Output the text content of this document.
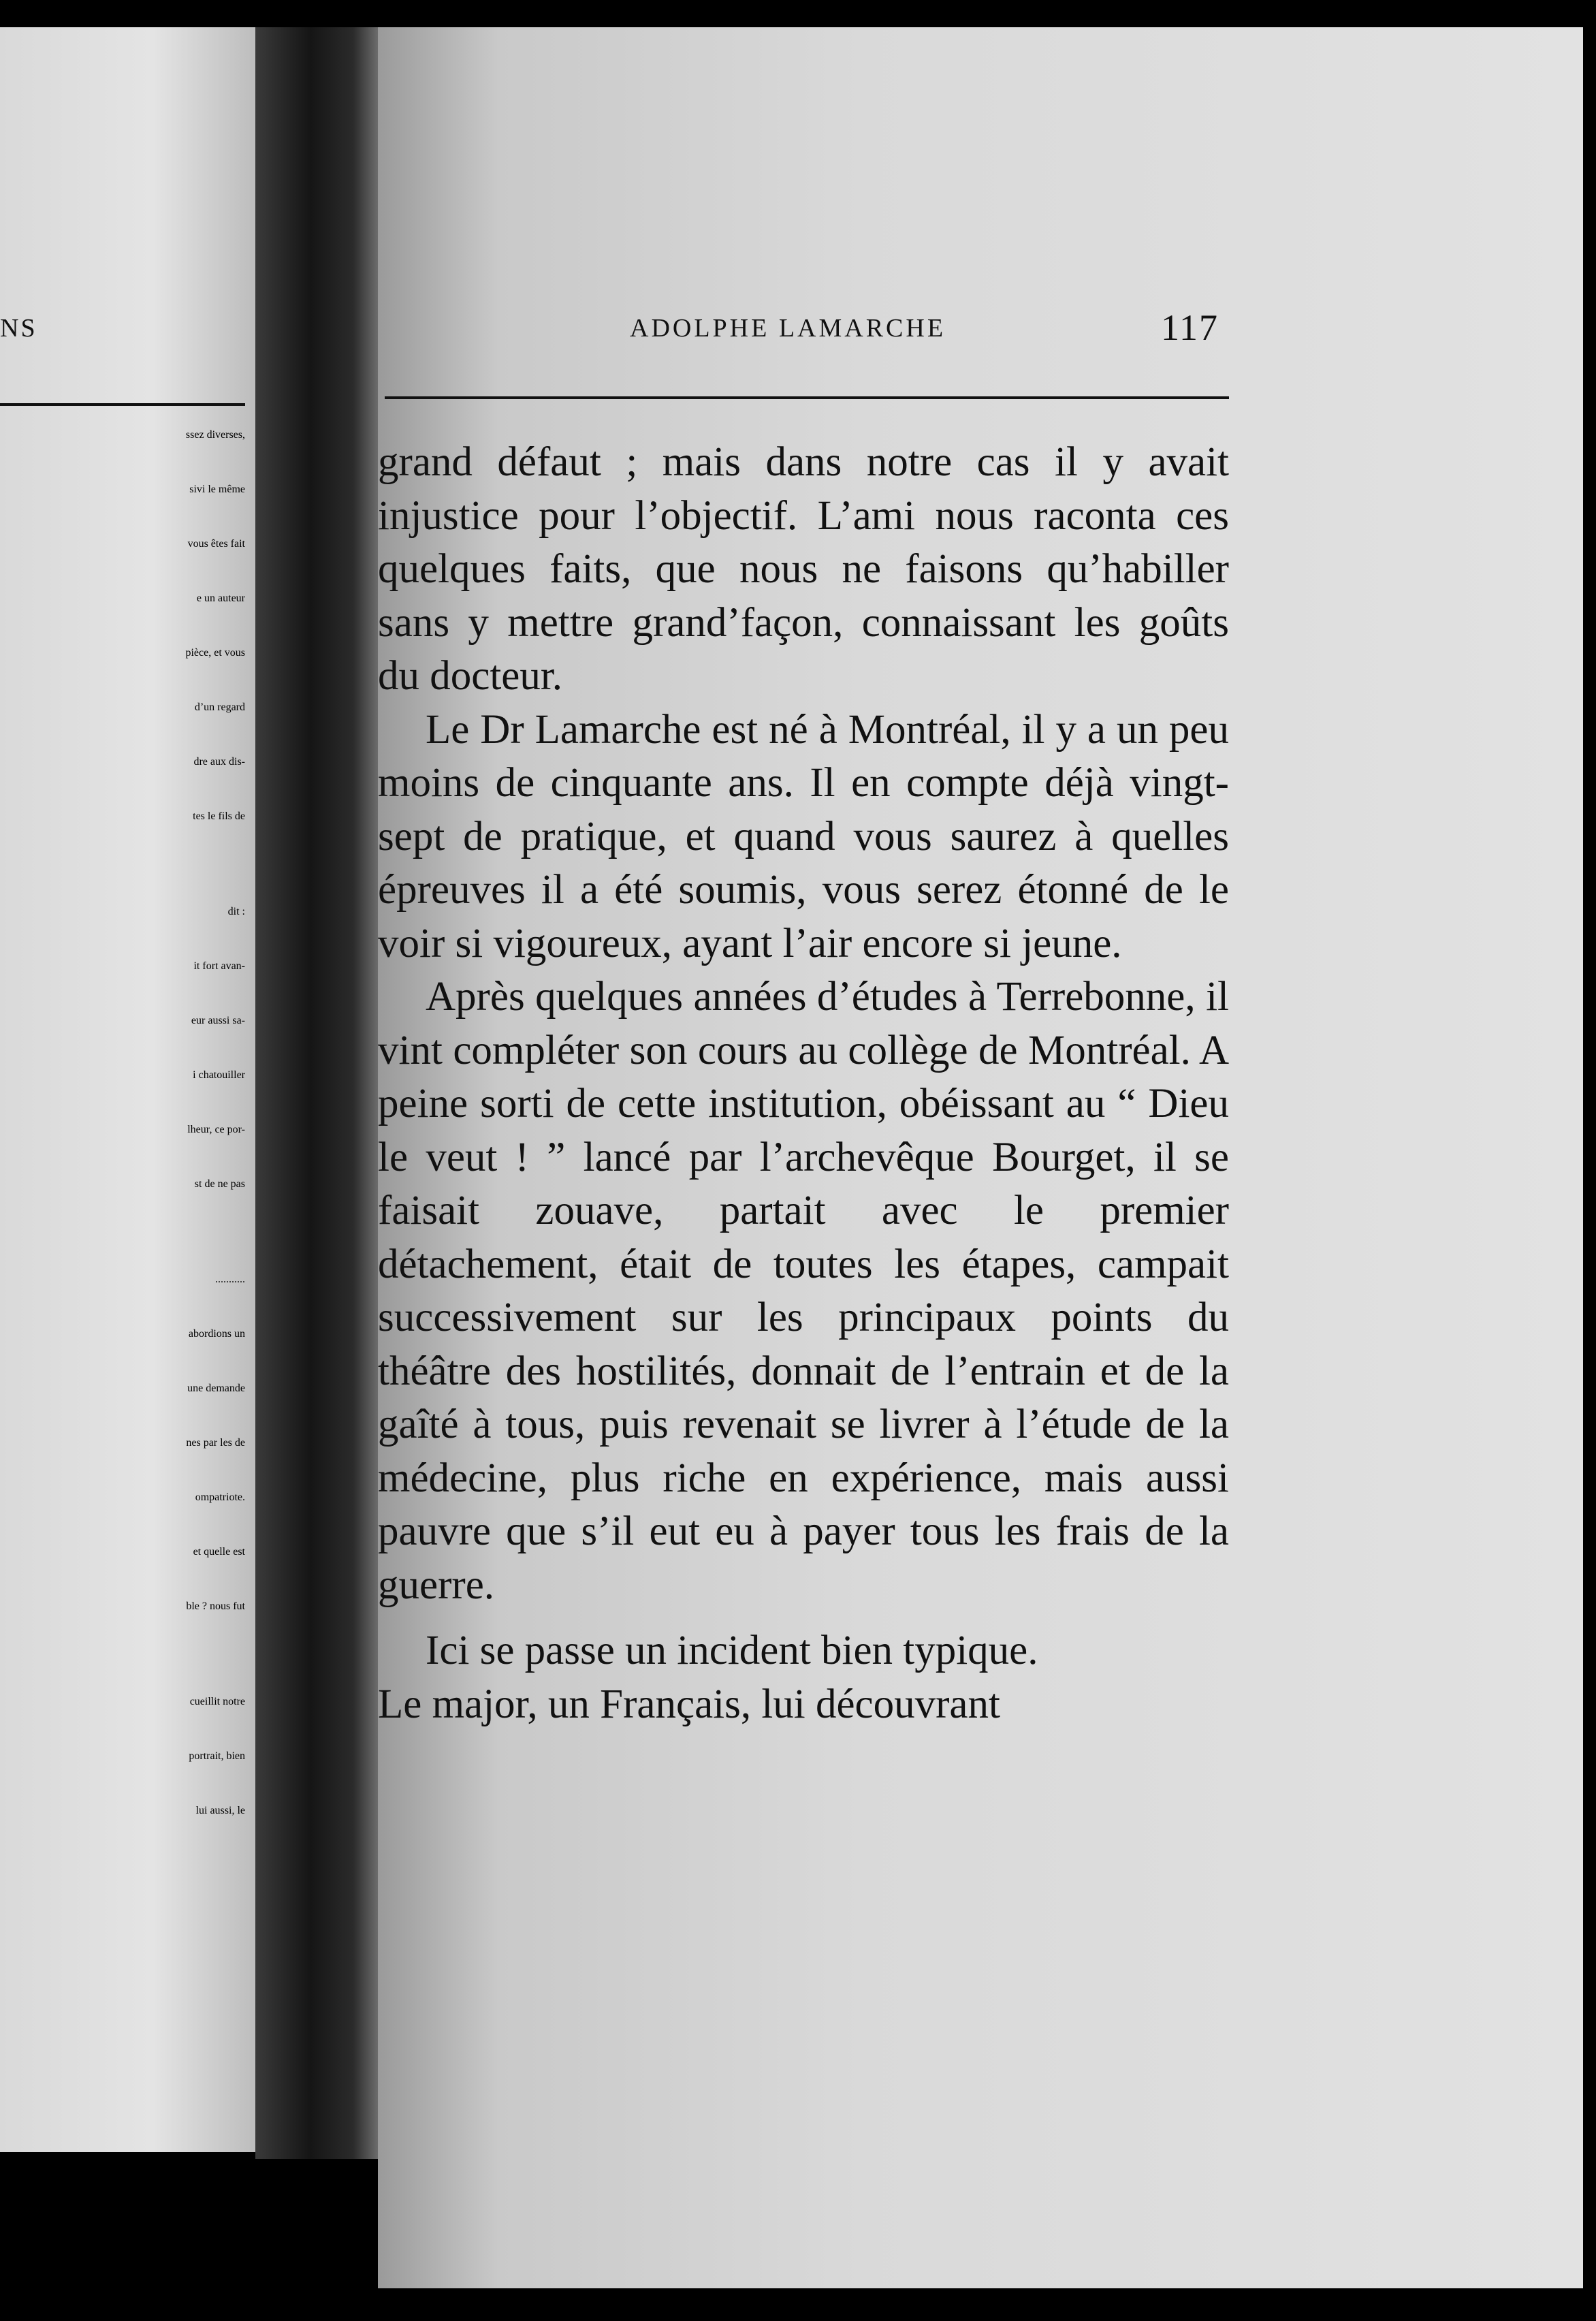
NS
ssez diverses,
sivi le même
vous êtes fait
e un auteur
pièce, et vous
d’un regard
dre aux dis-
tes le fils de
dit :
it fort avan-
eur aussi sa-
i chatouiller
lheur, ce por-
st de ne pas
...........
abordions un
une demande
nes par les de
ompatriote.
et quelle est
ble ? nous fut
cueillit notre
portrait, bien
lui aussi, le
ADOLPHE LAMARCHE	117

grand défaut ; mais dans notre cas il y avait injustice pour l’objectif. L’ami nous raconta ces quelques faits, que nous ne faisons qu’habiller sans y mettre grand’façon, connaissant les goûts du docteur.

Le Dr Lamarche est né à Montréal, il y a un peu moins de cinquante ans. Il en compte déjà vingt-sept de pratique, et quand vous saurez à quelles épreuves il a été soumis, vous serez étonné de le voir si vigoureux, ayant l’air encore si jeune.

Après quelques années d’études à Terrebonne, il vint compléter son cours au collège de Montréal. A peine sorti de cette institution, obéissant au “ Dieu le veut ! ” lancé par l’archevêque Bourget, il se faisait zouave, partait avec le premier détachement, était de toutes les étapes, campait successivement sur les principaux points du théâtre des hostilités, donnait de l’entrain et de la gaîté à tous, puis revenait se livrer à l’étude de la médecine, plus riche en expérience, mais aussi pauvre que s’il eut eu à payer tous les frais de la guerre.

Ici se passe un incident bien typique.

Le major, un Français, lui découvrant
